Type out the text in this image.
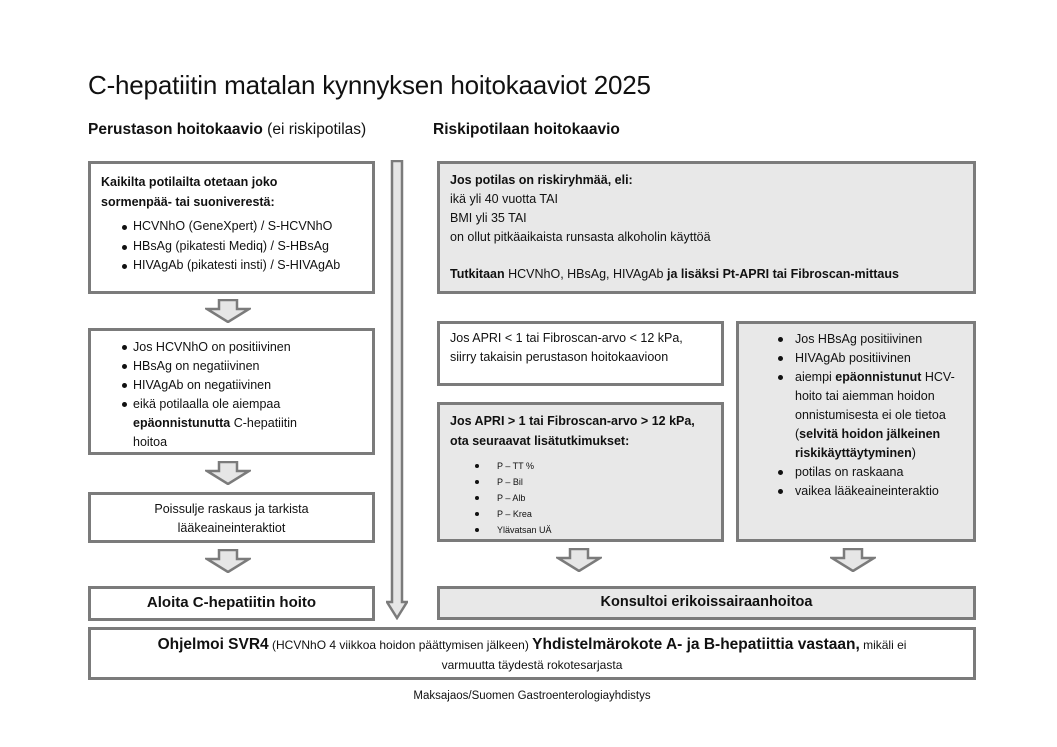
C-hepatiitin matalan kynnyksen hoitokaaviot 2025
Perustason hoitokaavio (ei riskipotilas)	Riskipotilaan hoitokaavio
Kaikilta potilailta otetaan joko
sormenpää- tai suoniverestä:
HCVNhO (GeneXpert) / S-HCVNhO
HBsAg (pikatesti Mediq) / S-HBsAg
HIVAgAb (pikatesti insti) / S-HIVAgAb
Jos HCVNhO on positiivinen
HBsAg on negatiivinen
HIVAgAb on negatiivinen
eikä potilaalla ole aiempaa
epäonnistunutta C-hepatiitin
hoitoa
Poissulje raskaus ja tarkista
lääkeaineinteraktiot
Aloita C-hepatiitin hoito
Jos potilas on riskiryhmää, eli:
ikä yli 40 vuotta TAI
BMI yli 35 TAI
on ollut pitkäaikaista runsasta alkoholin käyttöä
Tutkitaan HCVNhO, HBsAg, HIVAgAb ja lisäksi Pt-APRI tai Fibroscan-mittaus
Jos APRI < 1 tai Fibroscan-arvo < 12 kPa,
siirry takaisin perustason hoitokaavioon
Jos APRI > 1 tai Fibroscan-arvo > 12 kPa,
ota seuraavat lisätutkimukset:
P – TT %
P – Bil
P – Alb
P – Krea
Ylävatsan UÄ
Jos HBsAg positiivinen
HIVAgAb positiivinen
aiempi epäonnistunut HCV-
hoito tai aiemman hoidon
onnistumisesta ei ole tietoa
(selvitä hoidon jälkeinen
riskikäyttäytyminen)
potilas on raskaana
vaikea lääkeaineinteraktio
Konsultoi erikoissairaanhoitoa
Ohjelmoi SVR4 (HCVNhO 4 viikkoa hoidon päättymisen jälkeen) Yhdistelmärokote A- ja B-hepatiittia vastaan, mikäli ei
varmuutta täydestä rokotesarjasta
Maksajaos/Suomen Gastroenterologiayhdistys
